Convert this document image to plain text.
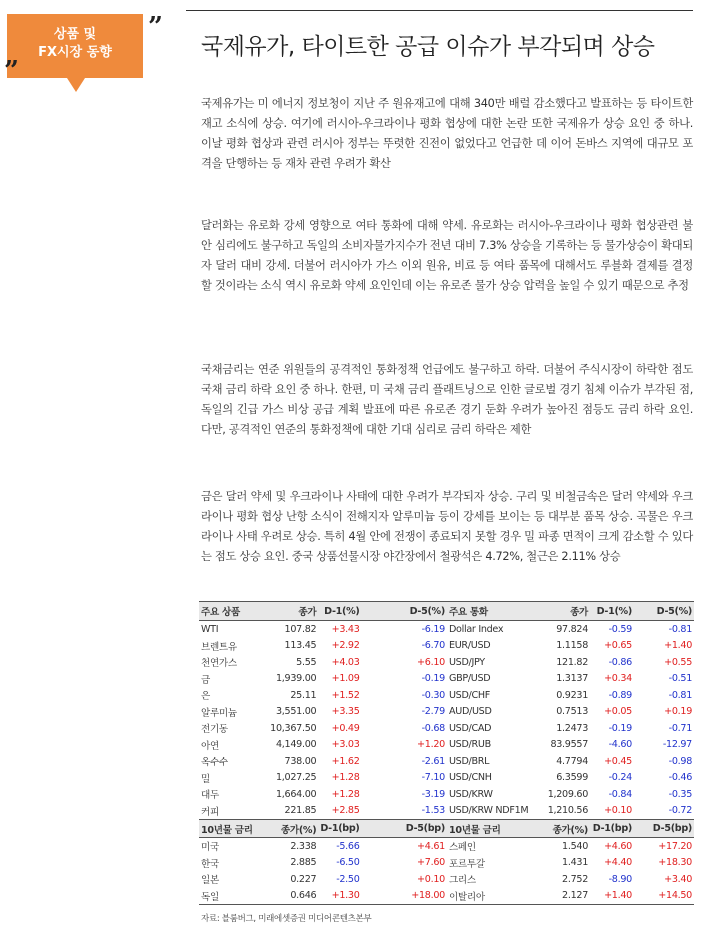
상품 및
FX시장 동향
”
”
국제유가, 타이트한 공급 이슈가 부각되며 상승

국제유가는 미 에너지 정보청이 지난 주 원유재고에 대해 340만 배럴 감소했다고 발표하는 등 타이트한 재고 소식에 상승. 여기에 러시아-우크라이나 평화 협상에 대한 논란 또한 국제유가 상승 요인 중 하나. 이날 평화 협상과 관련 러시아 정부는 뚜렷한 진전이 없었다고 언급한 데 이어 돈바스 지역에 대규모 포격을 단행하는 등 재차 관련 우려가 확산

달러화는 유로화 강세 영향으로 여타 통화에 대해 약세. 유로화는 러시아-우크라이나 평화 협상관련 불안 심리에도 불구하고 독일의 소비자물가지수가 전년 대비 7.3% 상승을 기록하는 등 물가상승이 확대되자 달러 대비 강세. 더불어 러시아가 가스 이외 원유, 비료 등 여타 품목에 대해서도 루블화 결제를 결정할 것이라는 소식 역시 유로화 약세 요인인데 이는 유로존 물가 상승 압력을 높일 수 있기 때문으로 추정

국채금리는 연준 위원들의 공격적인 통화정책 언급에도 불구하고 하락. 더불어 주식시장이 하락한 점도 국채 금리 하락 요인 중 하나. 한편, 미 국채 금리 플래트닝으로 인한 글로벌 경기 침체 이슈가 부각된 점, 독일의 긴급 가스 비상 공급 계획 발표에 따른 유로존 경기 둔화 우려가 높아진 점등도 금리 하락 요인. 다만, 공격적인 연준의 통화정책에 대한 기대 심리로 금리 하락은 제한

금은 달러 약세 및 우크라이나 사태에 대한 우려가 부각되자 상승. 구리 및 비철금속은 달러 약세와 우크라이나 평화 협상 난항 소식이 전해지자 알루미늄 등이 강세를 보이는 등 대부분 품목 상승. 곡물은 우크라이나 사태 우려로 상승. 특히 4월 안에 전쟁이 종료되지 못할 경우 밀 파종 면적이 크게 감소할 수 있다는 점도 상승 요인. 중국 상품선물시장 야간장에서 철광석은 4.72%, 철근은 2.11% 상승

주요 상품	종가	D-1(%)	D-5(%)	주요 통화	종가	D-1(%)	D-5(%)
WTI	107.82	+3.43	-6.19	Dollar Index	97.824	-0.59	-0.81
브렌트유	113.45	+2.92	-6.70	EUR/USD	1.1158	+0.65	+1.40
천연가스	5.55	+4.03	+6.10	USD/JPY	121.82	-0.86	+0.55
금	1,939.00	+1.09	-0.19	GBP/USD	1.3137	+0.34	-0.51
은	25.11	+1.52	-0.30	USD/CHF	0.9231	-0.89	-0.81
알루미늄	3,551.00	+3.35	-2.79	AUD/USD	0.7513	+0.05	+0.19
전기동	10,367.50	+0.49	-0.68	USD/CAD	1.2473	-0.19	-0.71
아연	4,149.00	+3.03	+1.20	USD/RUB	83.9557	-4.60	-12.97
옥수수	738.00	+1.62	-2.61	USD/BRL	4.7794	+0.45	-0.98
밀	1,027.25	+1.28	-7.10	USD/CNH	6.3599	-0.24	-0.46
대두	1,664.00	+1.28	-3.19	USD/KRW	1,209.60	-0.84	-0.35
커피	221.85	+2.85	-1.53	USD/KRW NDF1M	1,210.56	+0.10	-0.72
10년물 금리	종가(%)	D-1(bp)	D-5(bp)	10년물 금리	종가(%)	D-1(bp)	D-5(bp)
미국	2.338	-5.66	+4.61	스페인	1.540	+4.60	+17.20
한국	2.885	-6.50	+7.60	포르투갈	1.431	+4.40	+18.30
일본	0.227	-2.50	+0.10	그리스	2.752	-8.90	+3.40
독일	0.646	+1.30	+18.00	이탈리아	2.127	+1.40	+14.50
자료: 블룸버그, 미래에셋증권 미디어콘텐츠본부
